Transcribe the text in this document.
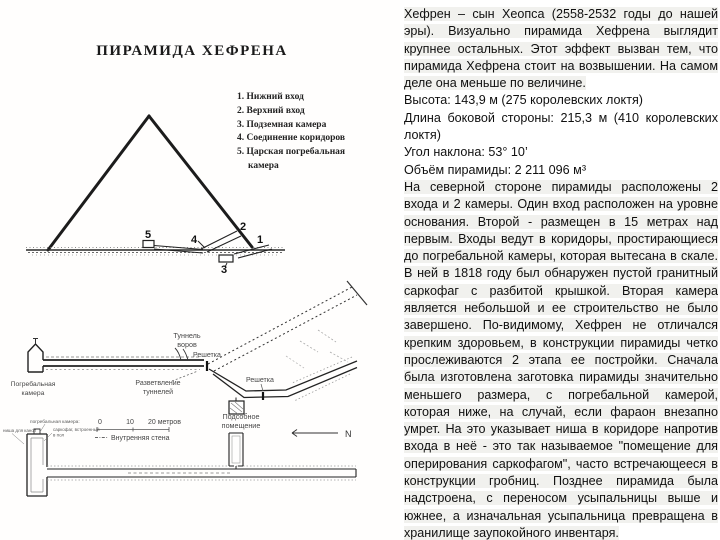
ПИРАМИДА ХЕФРЕНА
1. Нижний вход
2. Верхний вход
3. Подземная камера
4. Соединение коридоров
5. Царская погребальная камера
5	4
2
1
3
Туннель
воров
Погребальная
камера
Разветвление
туннелей
Подсобное
помещение
Решетка
Решетка
N
0	10 20 метров
Внутренняя стена
погребальная камера:
саркофаг, встроенный
в пол
ниша для каноп

Хефрен – сын Хеопса (2558-2532 годы до нашей эры). Визуально пирамида Хефрена выглядит крупнее остальных. Этот эффект вызван тем, что пирамида Хефрена стоит на возвышении. На самом деле она меньше по величине.

Высота: 143,9 м (275 королевских локтя)

Длина боковой стороны: 215,3 м (410 королевских локтя)

Угол наклона: 53° 10’

Объём пирамиды: 2 211 096 м³

На северной стороне пирамиды расположены 2 входа и 2 камеры. Один вход расположен на уровне основания. Второй - размещен в 15 метрах над первым. Входы ведут в коридоры, простирающиеся до погребальной камеры, которая вытесана в скале. В ней в 1818 году был обнаружен пустой гранитный саркофаг с разбитой крышкой. Вторая камера является небольшой и ее строительство не было завершено. По-видимому, Хефрен не отличался крепким здоровьем, в конструкции пирамиды четко прослеживаются 2 этапа ее постройки. Сначала была изготовлена заготовка пирамиды значительно меньшего размера, с погребальной камерой, которая ниже, на случай, если фараон внезапно умрет. На это указывает ниша в коридоре напротив входа в неё - это так называемое "помещение для оперирования саркофагом", часто встречающееся в конструкции гробниц. Позднее пирамида была надстроена, с переносом усыпальницы выше и южнее, а изначальная усыпальница превращена в хранилище заупокойного инвентаря.
